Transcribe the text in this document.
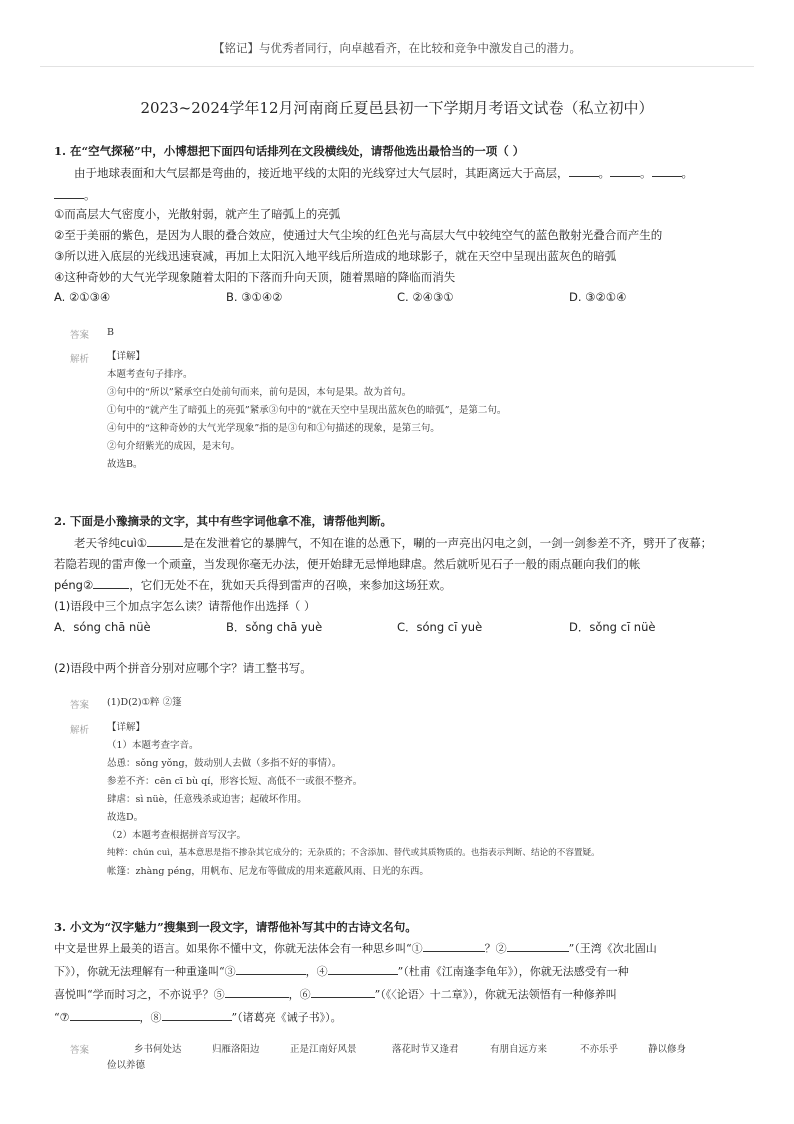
【铭记】与优秀者同行，向卓越看齐，在比较和竞争中激发自己的潜力。
2023~2024学年12月河南商丘夏邑县初一下学期月考语文试卷（私立初中）
1. 在“空气探秘”中，小博想把下面四句话排列在文段横线处，请帮他选出最恰当的一项（ ）
由于地球表面和大气层都是弯曲的，接近地平线的太阳的光线穿过大气层时，其距离远大于高层，	。	。	。
。
①而高层大气密度小，光散射弱，就产生了暗弧上的亮弧
②至于美丽的紫色，是因为人眼的叠合效应，使通过大气尘埃的红色光与高层大气中较纯空气的蓝色散射光叠合而产生的
③所以进入底层的光线迅速衰减，再加上太阳沉入地平线后所造成的地球影子，就在天空中呈现出蓝灰色的暗弧
④这种奇妙的大气光学现象随着太阳的下落而升向天顶，随着黑暗的降临而消失
A. ②①③④	B. ③①④②	C. ②④③①	D. ③②①④
答案 B
解析 【详解】
本题考查句子排序。
③句中的“所以”紧承空白处前句而来，前句是因，本句是果。故为首句。
①句中的“就产生了暗弧上的亮弧”紧承③句中的“就在天空中呈现出蓝灰色的暗弧”，是第二句。
④句中的“这种奇妙的大气光学现象”指的是③句和①句描述的现象，是第三句。
②句介绍紫光的成因，是末句。
故选B。
2. 下面是小豫摘录的文字，其中有些字词他拿不准，请帮他判断。
老天爷纯cuì①	是在发泄着它的暴脾气，不知在谁的怂恿下，唰的一声亮出闪电之剑，一剑一剑参差不齐，劈开了夜幕；
若隐若现的雷声像一个顽童，当发现你毫无办法，便开始肆无忌惮地肆虐。然后就听见石子一般的雨点砸向我们的帐
péng②	，它们无处不在，犹如天兵得到雷声的召唤，来参加这场狂欢。
(1)语段中三个加点字怎么读？请帮他作出选择（ ）
A．sóng chā nüè	B．sǒng chā yuè	C．sóng cī yuè	D．sǒng cī nüè
(2)语段中两个拼音分别对应哪个字？请工整书写。
答案 (1)D(2)①粹 ②篷
解析 【详解】
（1）本题考查字音。
怂恿：sǒng yǒng，鼓动别人去做（多指不好的事情）。
参差不齐：cēn cī bù qí，形容长短、高低不一或很不整齐。
肆虐：sì nüè，任意残杀或迫害；起破坏作用。
故选D。
（2）本题考查根据拼音写汉字。
纯粹：chún cuì，基本意思是指不掺杂其它成分的；无杂质的；不含添加、替代或其质物质的。也指表示判断、结论的不容置疑。
帐篷：zhàng péng，用帆布、尼龙布等做成的用来遮蔽风雨、日光的东西。
3. 小文为“汉字魅力”搜集到一段文字，请帮他补写其中的古诗文名句。
中文是世界上最美的语言。如果你不懂中文，你就无法体会有一种思乡叫“①	？②	”（王湾《次北固山
下》），你就无法理解有一种重逢叫“③	，④	”（杜甫《江南逢李龟年》），你就无法感受有一种
喜悦叫“学而时习之，不亦说乎？⑤	，⑥	”（《〈论语〉十二章》），你就无法领悟有一种修养叫
“⑦	，⑧	”（诸葛亮《诫子书》）。
答案	乡书何处达	归雁洛阳边	正是江南好风景	落花时节又逢君	有朋自远方来	不亦乐乎	静以修身
俭以养德
